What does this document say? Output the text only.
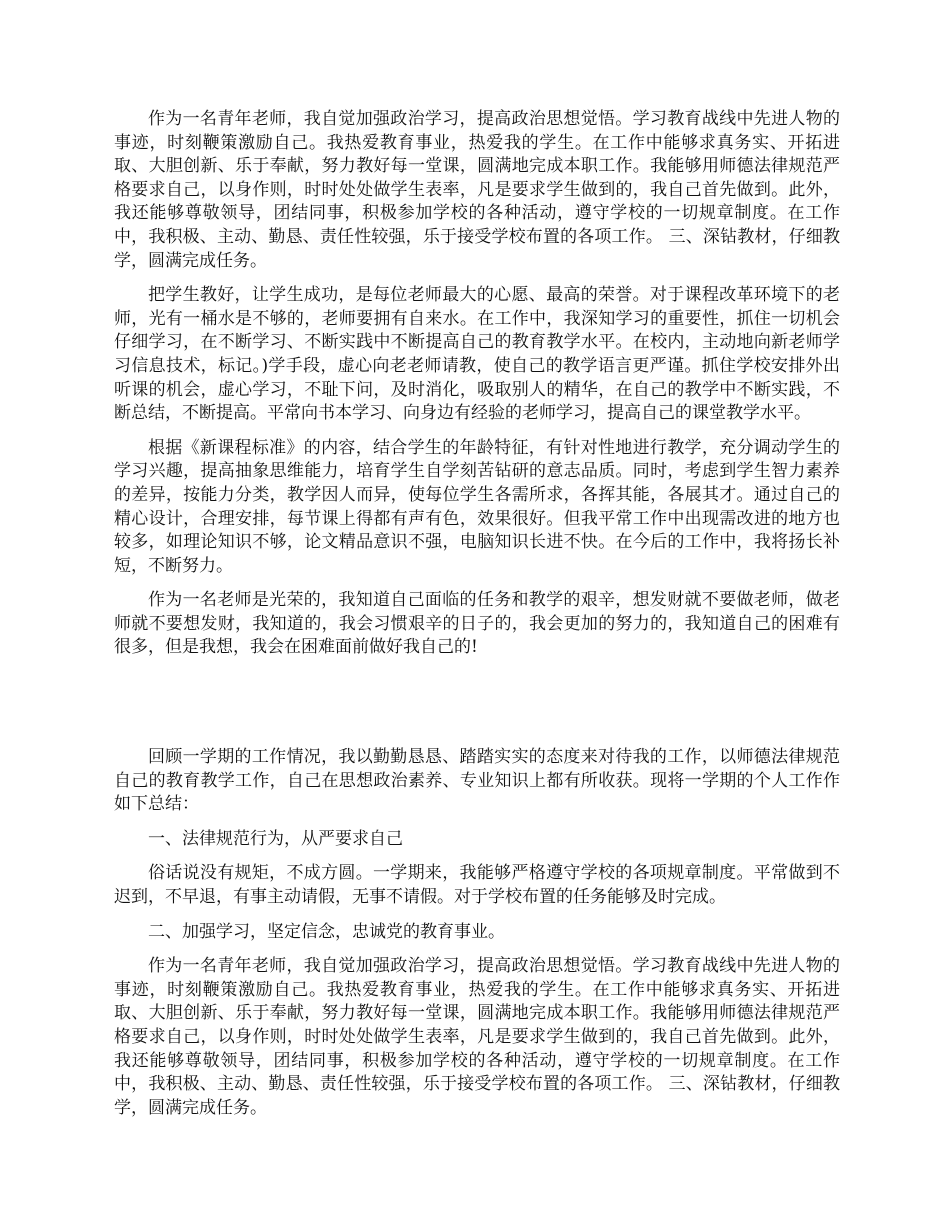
作为一名青年老师，我自觉加强政治学习，提高政治思想觉悟。学习教育战线中先进人物的事迹，时刻鞭策激励自己。我热爱教育事业，热爱我的学生。在工作中能够求真务实、开拓进取、大胆创新、乐于奉献，努力教好每一堂课，圆满地完成本职工作。我能够用师德法律规范严格要求自己，以身作则，时时处处做学生表率，凡是要求学生做到的，我自己首先做到。此外，我还能够尊敬领导，团结同事，积极参加学校的各种活动，遵守学校的一切规章制度。在工作中，我积极、主动、勤恳、责任性较强，乐于接受学校布置的各项工作。 三、深钻教材，仔细教学，圆满完成任务。

把学生教好，让学生成功，是每位老师最大的心愿、最高的荣誉。对于课程改革环境下的老师，光有一桶水是不够的，老师要拥有自来水。在工作中，我深知学习的重要性，抓住一切机会仔细学习，在不断学习、不断实践中不断提高自己的教育教学水平。在校内，主动地向新老师学习信息技术，标记。)学手段，虚心向老老师请教，使自己的教学语言更严谨。抓住学校安排外出听课的机会，虚心学习，不耻下问，及时消化，吸取别人的精华，在自己的教学中不断实践，不断总结，不断提高。平常向书本学习、向身边有经验的老师学习，提高自己的课堂教学水平。

根据《新课程标准》的内容，结合学生的年龄特征，有针对性地进行教学，充分调动学生的学习兴趣，提高抽象思维能力，培育学生自学刻苦钻研的意志品质。同时，考虑到学生智力素养的差异，按能力分类，教学因人而异，使每位学生各需所求，各挥其能，各展其才。通过自己的精心设计，合理安排，每节课上得都有声有色，效果很好。但我平常工作中出现需改进的地方也较多，如理论知识不够，论文精品意识不强，电脑知识长进不快。在今后的工作中，我将扬长补短，不断努力。

作为一名老师是光荣的，我知道自己面临的任务和教学的艰辛，想发财就不要做老师，做老师就不要想发财，我知道的，我会习惯艰辛的日子的，我会更加的努力的，我知道自己的困难有很多，但是我想，我会在困难面前做好我自己的!

回顾一学期的工作情况，我以勤勤恳恳、踏踏实实的态度来对待我的工作，以师德法律规范自己的教育教学工作，自己在思想政治素养、专业知识上都有所收获。现将一学期的个人工作作如下总结：

一、法律规范行为，从严要求自己

俗话说没有规矩，不成方圆。一学期来，我能够严格遵守学校的各项规章制度。平常做到不迟到，不早退，有事主动请假，无事不请假。对于学校布置的任务能够及时完成。

二、加强学习，坚定信念，忠诚党的教育事业。

作为一名青年老师，我自觉加强政治学习，提高政治思想觉悟。学习教育战线中先进人物的事迹，时刻鞭策激励自己。我热爱教育事业，热爱我的学生。在工作中能够求真务实、开拓进取、大胆创新、乐于奉献，努力教好每一堂课，圆满地完成本职工作。我能够用师德法律规范严格要求自己，以身作则，时时处处做学生表率，凡是要求学生做到的，我自己首先做到。此外，我还能够尊敬领导，团结同事，积极参加学校的各种活动，遵守学校的一切规章制度。在工作中，我积极、主动、勤恳、责任性较强，乐于接受学校布置的各项工作。 三、深钻教材，仔细教学，圆满完成任务。
